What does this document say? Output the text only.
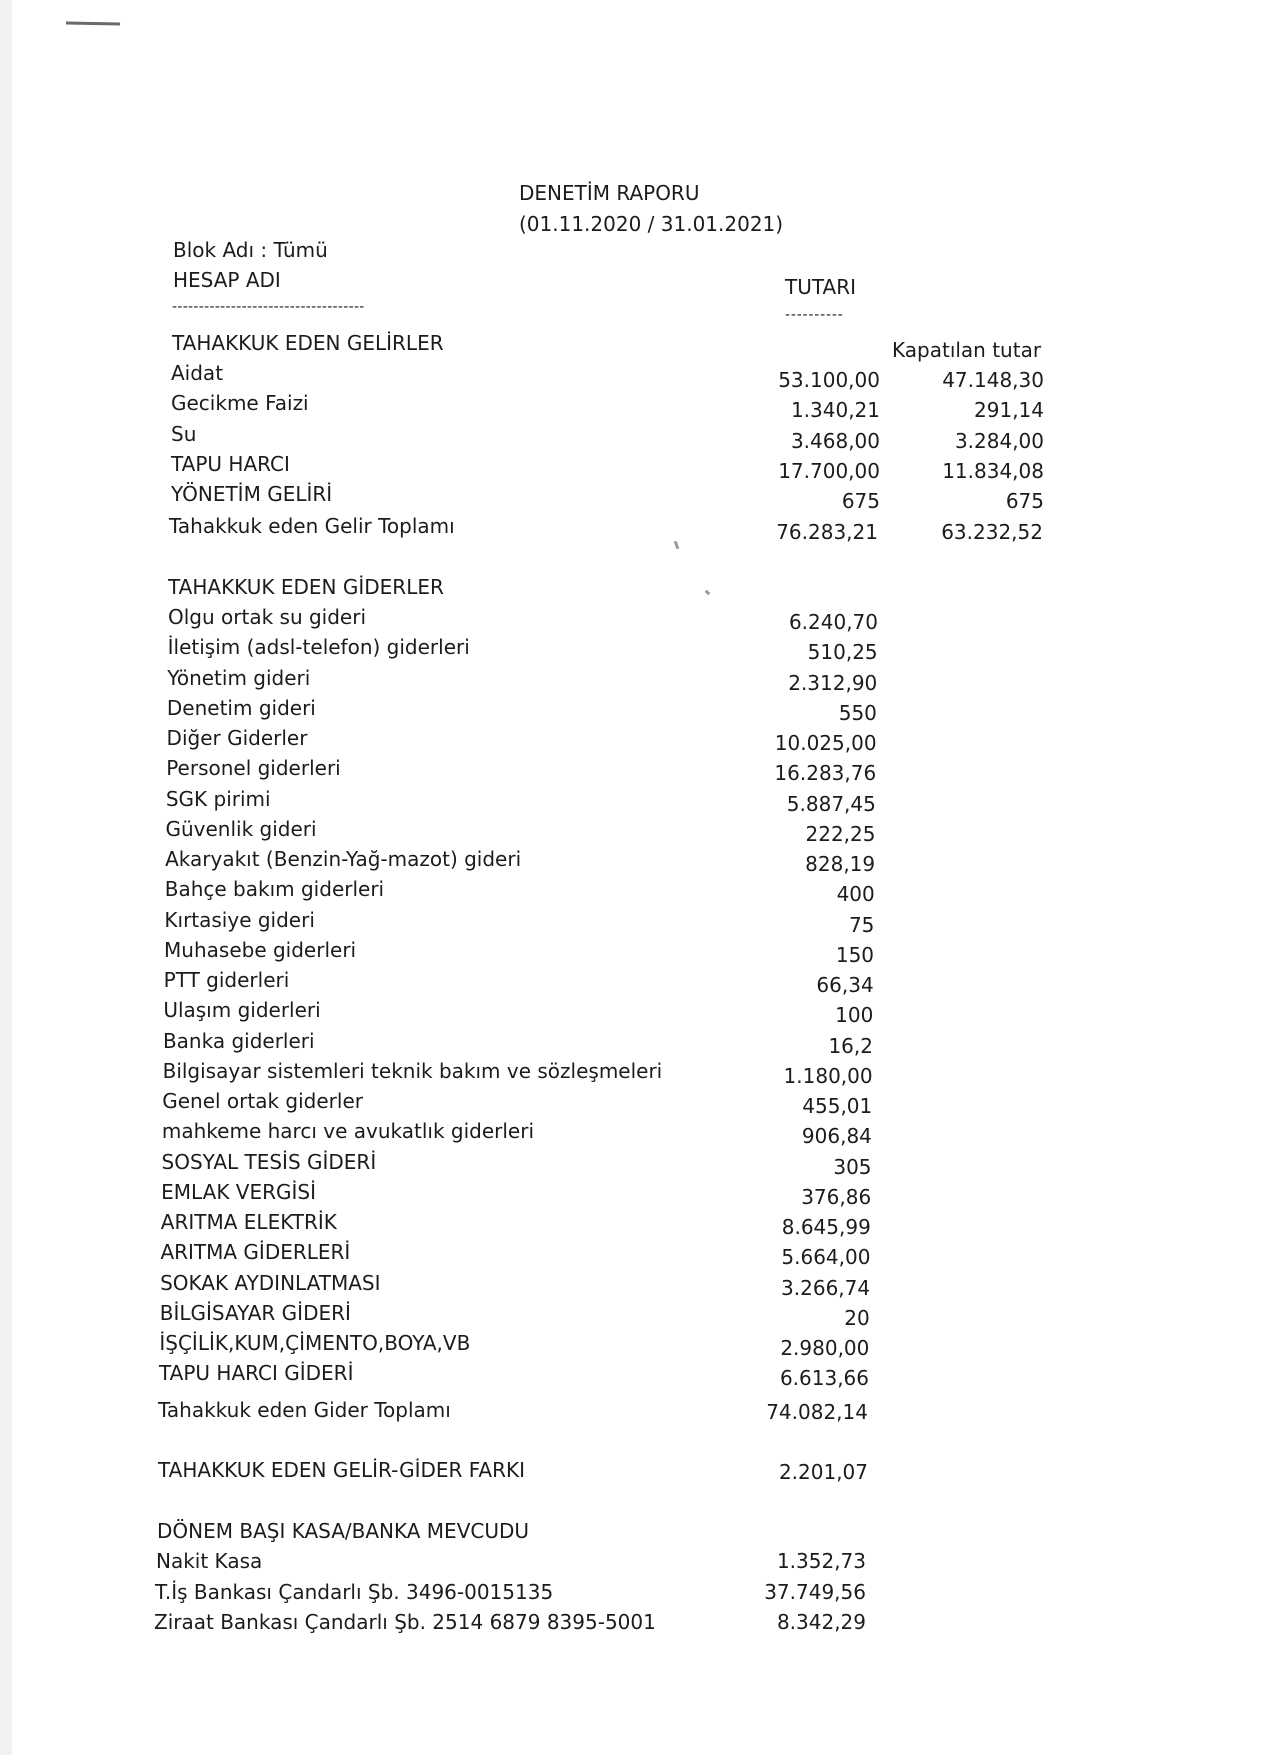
DENETİM RAPORU
(01.11.2020 / 31.01.2021)
Blok Adı : Tümü
HESAP ADI	TUTARI
------------------------------------	----------
TAHAKKUK EDEN GELİRLER	Kapatılan tutar
Aidat	53.100,00	47.148,30
Gecikme Faizi	1.340,21	291,14
Su	3.468,00	3.284,00
TAPU HARCI	17.700,00	11.834,08
YÖNETİM GELİRİ	675	675
Tahakkuk eden Gelir Toplamı	76.283,21	63.232,52
TAHAKKUK EDEN GİDERLER
Olgu ortak su gideri	6.240,70
İletişim (adsl-telefon) giderleri	510,25
Yönetim gideri	2.312,90
Denetim gideri	550
Diğer Giderler	10.025,00
Personel giderleri	16.283,76
SGK pirimi	5.887,45
Güvenlik gideri	222,25
Akaryakıt (Benzin-Yağ-mazot) gideri	828,19
Bahçe bakım giderleri	400
Kırtasiye gideri	75
Muhasebe giderleri	150
PTT giderleri	66,34
Ulaşım giderleri	100
Banka giderleri	16,2
Bilgisayar sistemleri teknik bakım ve sözleşmeleri	1.180,00
Genel ortak giderler	455,01
mahkeme harcı ve avukatlık giderleri	906,84
SOSYAL TESİS GİDERİ	305
EMLAK VERGİSİ	376,86
ARITMA ELEKTRİK	8.645,99
ARITMA GİDERLERİ	5.664,00
SOKAK AYDINLATMASI	3.266,74
BİLGİSAYAR GİDERİ	20
İŞÇİLİK,KUM,ÇİMENTO,BOYA,VB	2.980,00
TAPU HARCI GİDERİ	6.613,66
Tahakkuk eden Gider Toplamı	74.082,14
TAHAKKUK EDEN GELİR-GİDER FARKI	2.201,07
DÖNEM BAŞI KASA/BANKA MEVCUDU
Nakit Kasa	1.352,73
T.İş Bankası Çandarlı Şb. 3496-0015135	37.749,56
Ziraat Bankası Çandarlı Şb. 2514 6879 8395-5001	8.342,29
